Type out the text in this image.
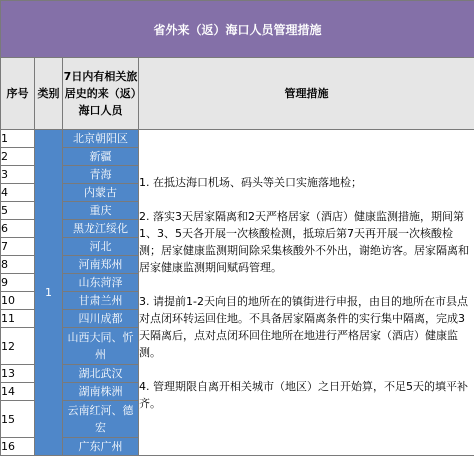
省外来（返）海口人员管理措施			
序号	类别	7日内有相关旅居史的来（返）海口人员	管理措施
1	1	北京朝阳区	1. 在抵达海口机场、码头等关口实施落地检；

2. 落实3天居家隔离和2天严格居家（酒店）健康监测措施，期间第1、3、5天各开展一次核酸检测，抵琼后第7天再开展一次核酸检测；居家健康监测期间除采集核酸外不外出，谢绝访客。居家隔离和居家健康监测期间赋码管理。

3. 请提前1-2天向目的地所在的镇街进行申报，由目的地所在市县点对点闭环转运回住地。不具备居家隔离条件的实行集中隔离，完成3天隔离后，点对点闭环回住地所在地进行严格居家（酒店）健康监测。

4. 管理期限自离开相关城市（地区）之日开始算，不足5天的填平补齐。

2		新疆	
3		青海	
4		内蒙古	
5		重庆	
6		黑龙江绥化	
7		河北	
8		河南郑州	
9		山东菏泽	
10		甘肃兰州	
11		四川成都	
12		山西大同、忻州	
13		湖北武汉	
14		湖南株洲	
15		云南红河、德宏	
16		广东广州	
